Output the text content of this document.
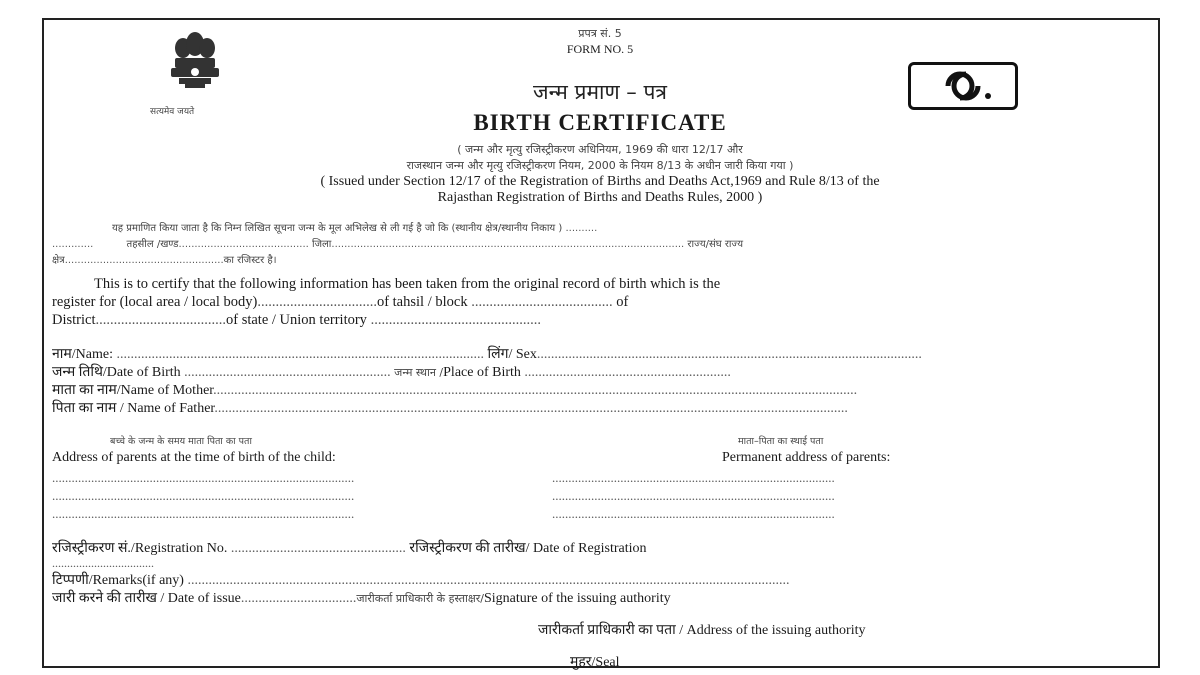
सत्यमेव जयते
प्रपत्र सं. 5
FORM NO. 5
जन्म प्रमाण – पत्र
BIRTH CERTIFICATE
( जन्म और मृत्यु रजिस्ट्रीकरण अधिनियम, 1969 की धारा 12/17 और
राजस्थान जन्म और मृत्यु रजिस्ट्रीकरण नियम, 2000 के नियम 8/13 के अधीन जारी किया गया )
( Issued under Section 12/17 of the Registration of Births and Deaths Act,1969 and Rule 8/13 of the
Rajasthan Registration of Births and Deaths Rules, 2000 )
यह प्रमाणित किया जाता है कि निम्न लिखित सूचना जन्म के मूल अभिलेख से ली गई है जो कि (स्थानीय क्षेत्र/स्थानीय निकाय ) ..........
.............	तहसील /खण्ड......................................... जिला............................................................................................................... राज्य/संघ राज्य
क्षेत्र..................................................का रजिस्टर है।
This is to certify that the following information has been taken from the original record of birth which is the
register for (local area / local body).................................of tahsil / block ....................................... of
District....................................of state / Union territory ...............................................
नाम/Name: ......................................................................................................... लिंग/ Sex..............................................................................................................
जन्म तिथि/Date of Birth ........................................................... जन्म स्थान /Place of Birth ...........................................................
माता का नाम/Name of Mother........................................................................................................................................................................................
पिता का नाम / Name of Father.....................................................................................................................................................................................
बच्चे के जन्म के समय माता पिता का पता	माता–पिता का स्थाई पता
Address of parents at the time of birth of the child:	Permanent address of parents:
.............................................................................................
.............................................................................................
.............................................................................................
.......................................................................................
.......................................................................................
.......................................................................................
रजिस्ट्रीकरण सं./Registration No. .................................................. रजिस्ट्रीकरण की तारीख/ Date of Registration
..................................
टिप्पणी/Remarks(if any) ............................................................................................................................................................................
जारी करने की तारीख / Date of issue.................................जारीकर्ता प्राधिकारी के हस्ताक्षर/Signature of the issuing authority
जारीकर्ता प्राधिकारी का पता / Address of the issuing authority
मुहर/Seal
